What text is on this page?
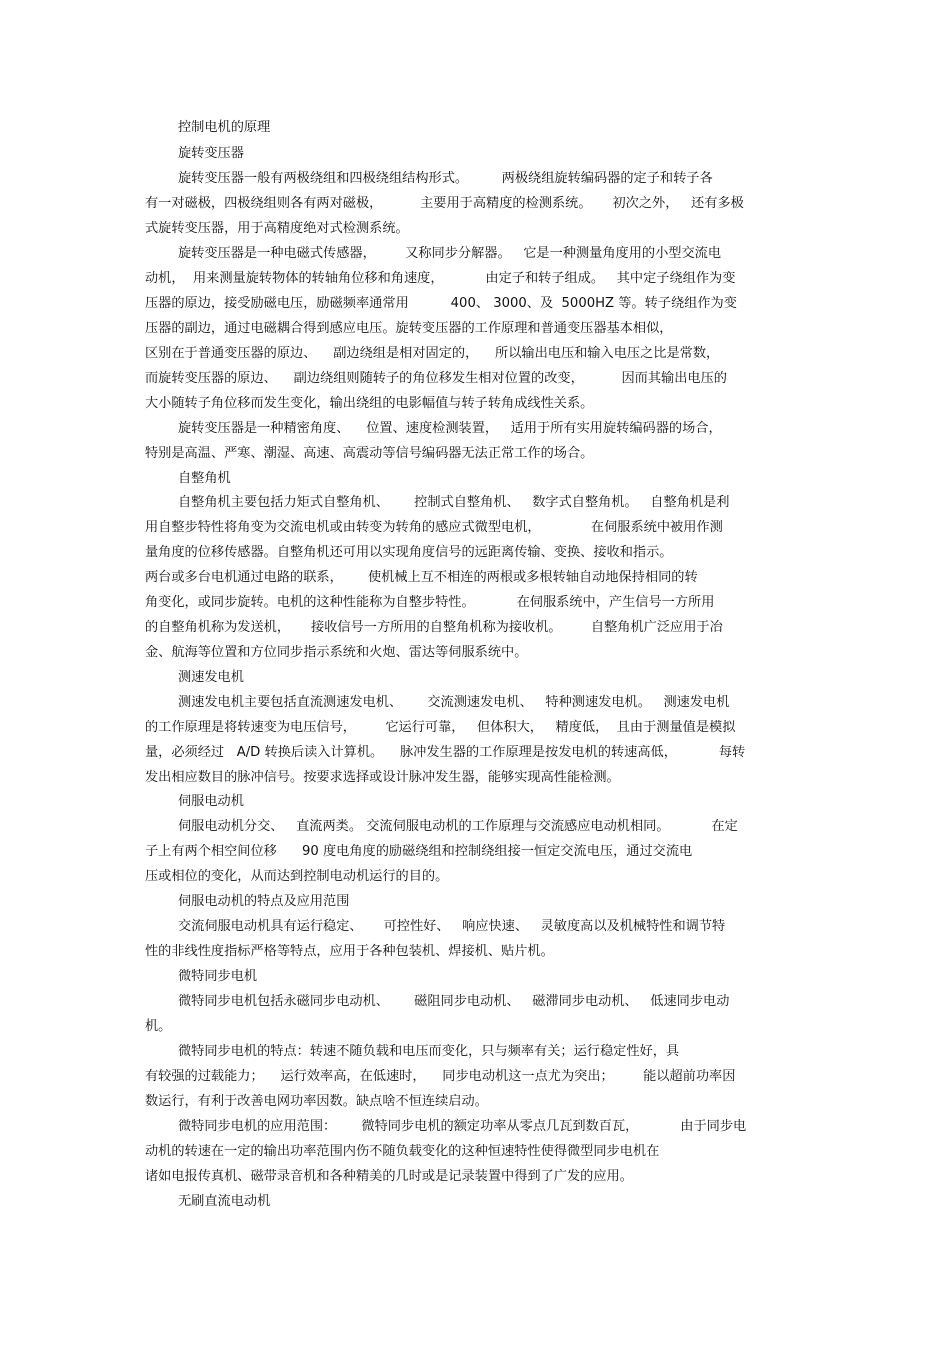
控制电机的原理
旋转变压器
旋转变压器一般有两极绕组和四极绕组结构形式。        两极绕组旋转编码器的定子和转子各
有一对磁极，四极绕组则各有两对磁极，         主要用于高精度的检测系统。     初次之外，   还有多极
式旋转变压器，用于高精度绝对式检测系统。
旋转变压器是一种电磁式传感器，       又称同步分解器。   它是一种测量角度用的小型交流电
动机，  用来测量旋转物体的转轴角位移和角速度，          由定子和转子组成。   其中定子绕组作为变
压器的原边，接受励磁电压，励磁频率通常用          400、 3000、及  5000HZ 等。转子绕组作为变
压器的副边，通过电磁耦合得到感应电压。旋转变压器的工作原理和普通变压器基本相似，
区别在于普通变压器的原边、    副边绕组是相对固定的，    所以输出电压和输入电压之比是常数，
而旋转变压器的原边、    副边绕组则随转子的角位移发生相对位置的改变，         因而其输出电压的
大小随转子角位移而发生变化，输出绕组的电影幅值与转子转角成线性关系。
旋转变压器是一种精密角度、    位置、速度检测装置，   适用于所有实用旋转编码器的场合，
特别是高温、严寒、潮湿、高速、高震动等信号编码器无法正常工作的场合。
自整角机
自整角机主要包括力矩式自整角机、      控制式自整角机、   数字式自整角机。   自整角机是利
用自整步特性将角变为交流电机或由转变为转角的感应式微型电机，            在伺服系统中被用作测
量角度的位移传感器。自整角机还可用以实现角度信号的远距离传输、变换、接收和指示。
两台或多台电机通过电路的联系，      使机械上互不相连的两根或多根转轴自动地保持相同的转
角变化，或同步旋转。电机的这种性能称为自整步特性。          在伺服系统中，产生信号一方所用
的自整角机称为发送机，     接收信号一方所用的自整角机称为接收机。       自整角机广泛应用于冶
金、航海等位置和方位同步指示系统和火炮、雷达等伺服系统中。
测速发电机
测速发电机主要包括直流测速发电机、      交流测速发电机、   特种测速发电机。   测速发电机
的工作原理是将转速变为电压信号，       它运行可靠，   但体积大，   精度低，  且由于测量值是模拟
量，必须经过   A/D 转换后读入计算机。    脉冲发生器的工作原理是按发电机的转速高低，          每转
发出相应数目的脉冲信号。按要求选择或设计脉冲发生器，能够实现高性能检测。
伺服电动机
伺服电动机分交、   直流两类。 交流伺服电动机的工作原理与交流感应电动机相同。          在定
子上有两个相空间位移      90 度电角度的励磁绕组和控制绕组接一恒定交流电压，通过交流电
压或相位的变化，从而达到控制电动机运行的目的。
伺服电动机的特点及应用范围
交流伺服电动机具有运行稳定、     可控性好、   响应快速、   灵敏度高以及机械特性和调节特
性的非线性度指标严格等特点，应用于各种包装机、焊接机、贴片机。
微特同步电机
微特同步电机包括永磁同步电动机、      磁阻同步电动机、   磁滞同步电动机、   低速同步电动
机。
微特同步电机的特点：转速不随负载和电压而变化，只与频率有关；运行稳定性好，具
有较强的过载能力；    运行效率高，在低速时，    同步电动机这一点尤为突出；       能以超前功率因
数运行，有利于改善电网功率因数。缺点啥不恒连续启动。
微特同步电机的应用范围：      微特同步电机的额定功率从零点几瓦到数百瓦，          由于同步电
动机的转速在一定的输出功率范围内伤不随负载变化的这种恒速特性使得微型同步电机在
诸如电报传真机、磁带录音机和各种精美的几时或是记录装置中得到了广发的应用。
无刷直流电动机
